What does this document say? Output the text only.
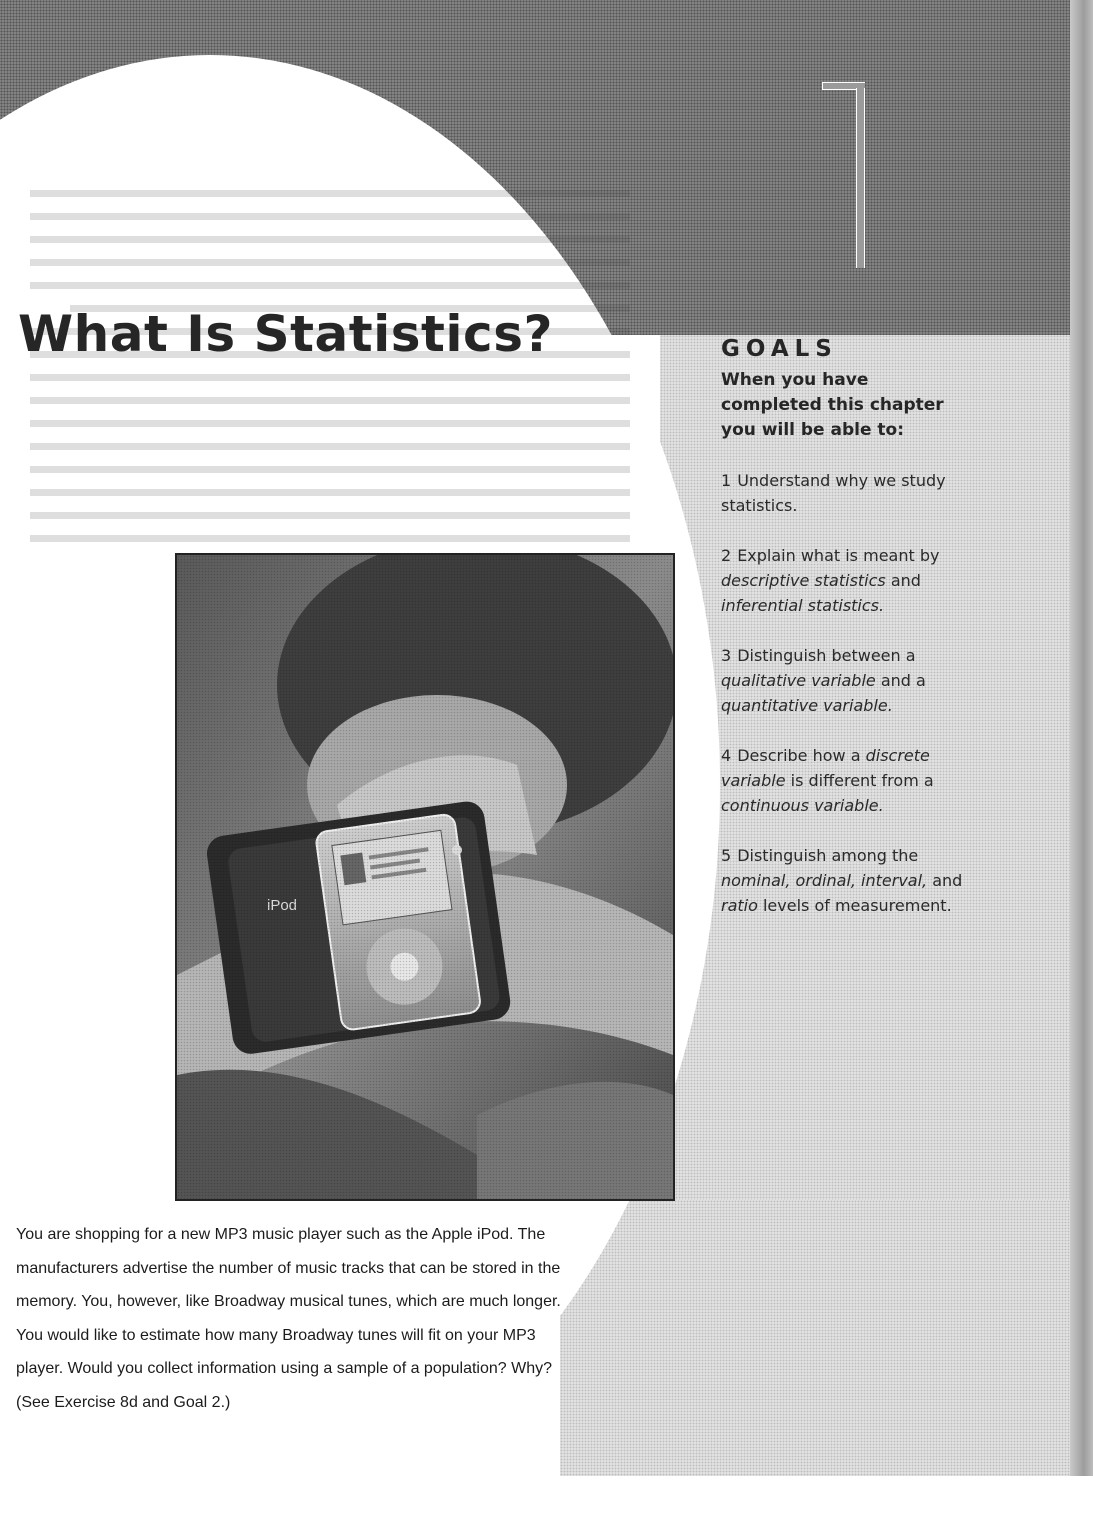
What Is Statistics?	GOALS

When you have completed this chapter you will be able to:

1 Understand why we study statistics.
2 Explain what is meant by descriptive statistics and inferential statistics.
3 Distinguish between a qualitative variable and a quantitative variable.
4 Describe how a discrete variable is different from a continuous variable.
5 Distinguish among the nominal, ordinal, interval, and ratio levels of measurement.

You are shopping for a new MP3 music player such as the Apple iPod. The manufacturers advertise the number of music tracks that can be stored in the memory. You, however, like Broadway musical tunes, which are much longer. You would like to estimate how many Broadway tunes will fit on your MP3 player. Would you collect information using a sample of a population? Why? (See Exercise 8d and Goal 2.)
